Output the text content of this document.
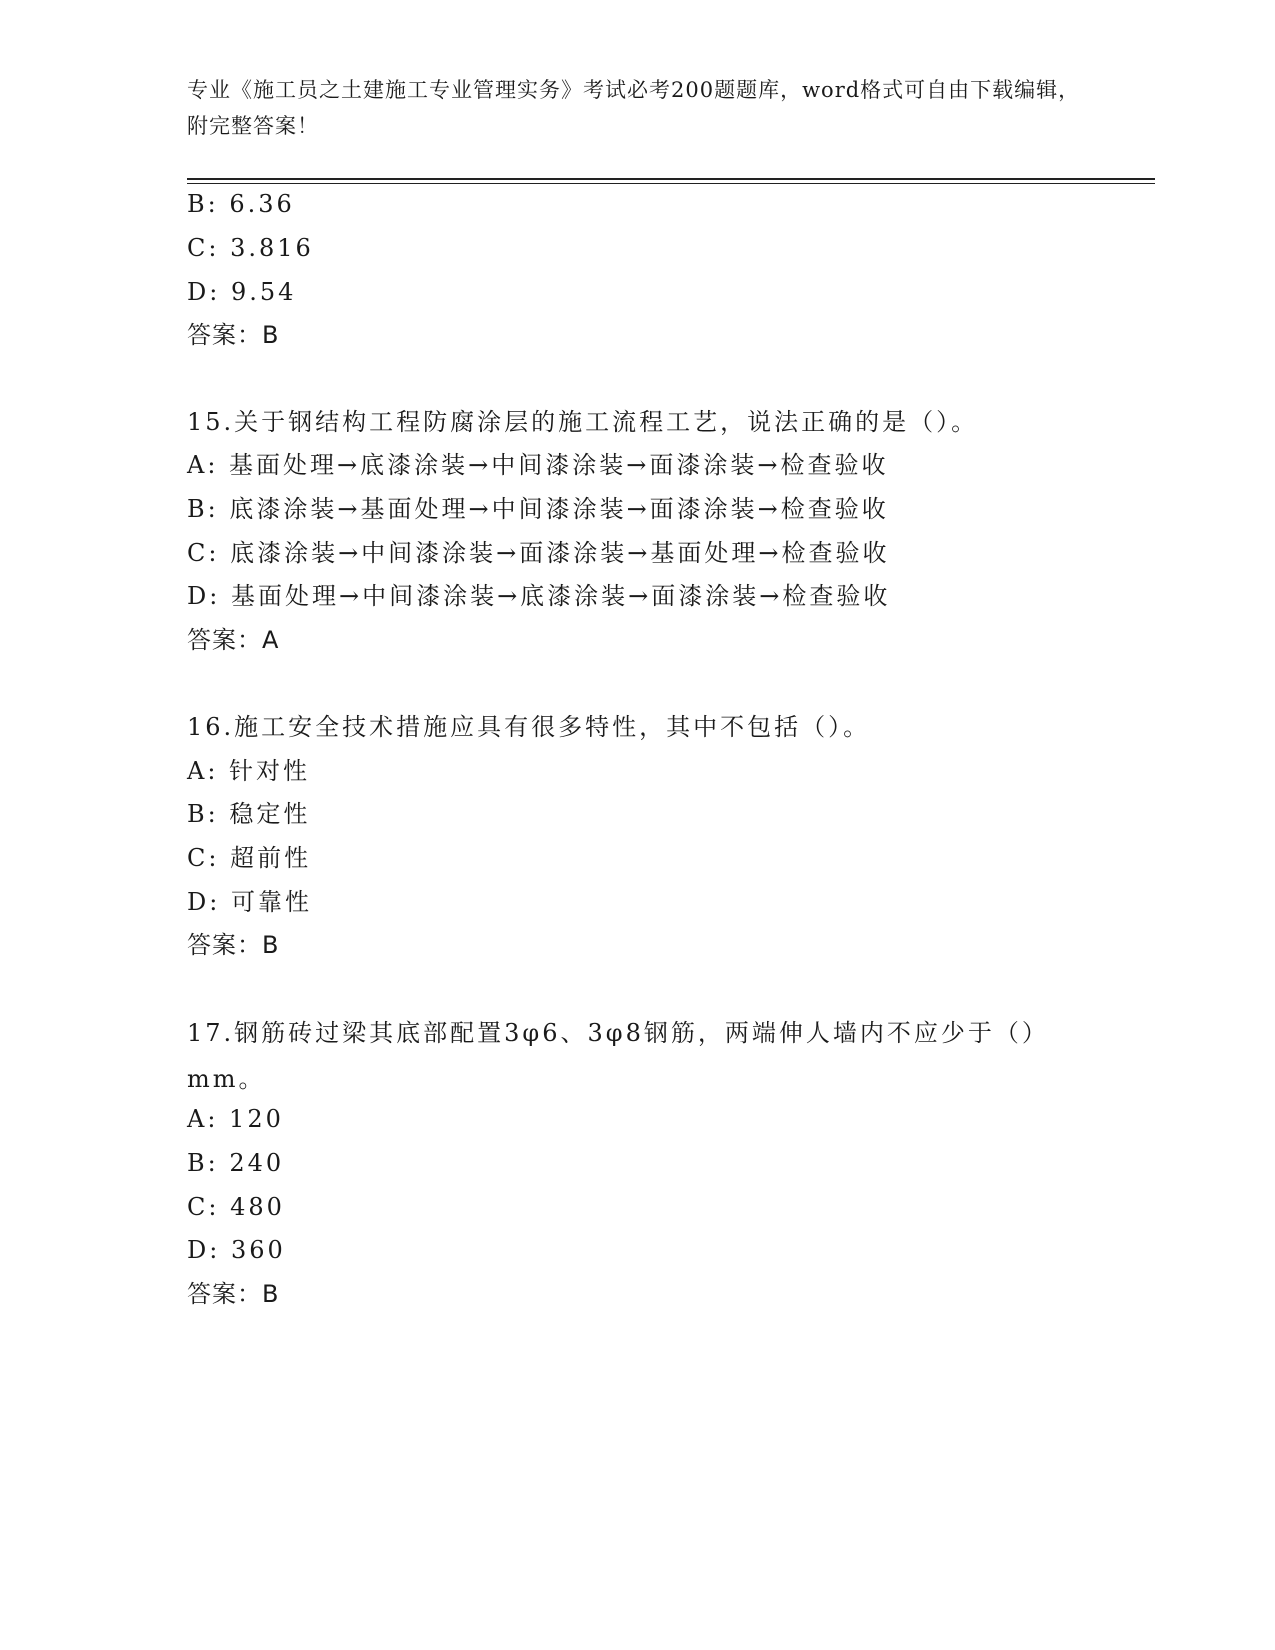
专业《施工员之土建施工专业管理实务》考试必考200题题库，word格式可自由下载编辑，附完整答案！
B: 6.36
C: 3.816
D: 9.54
答案：B
15.关于钢结构工程防腐涂层的施工流程工艺，说法正确的是（）。
A: 基面处理→底漆涂装→中间漆涂装→面漆涂装→检查验收
B: 底漆涂装→基面处理→中间漆涂装→面漆涂装→检查验收
C: 底漆涂装→中间漆涂装→面漆涂装→基面处理→检查验收
D: 基面处理→中间漆涂装→底漆涂装→面漆涂装→检查验收
答案：A
16.施工安全技术措施应具有很多特性，其中不包括（）。
A: 针对性
B: 稳定性
C: 超前性
D: 可靠性
答案：B
17.钢筋砖过梁其底部配置3φ6、3φ8钢筋，两端伸人墙内不应少于（）mm。
A: 120
B: 240
C: 480
D: 360
答案：B
